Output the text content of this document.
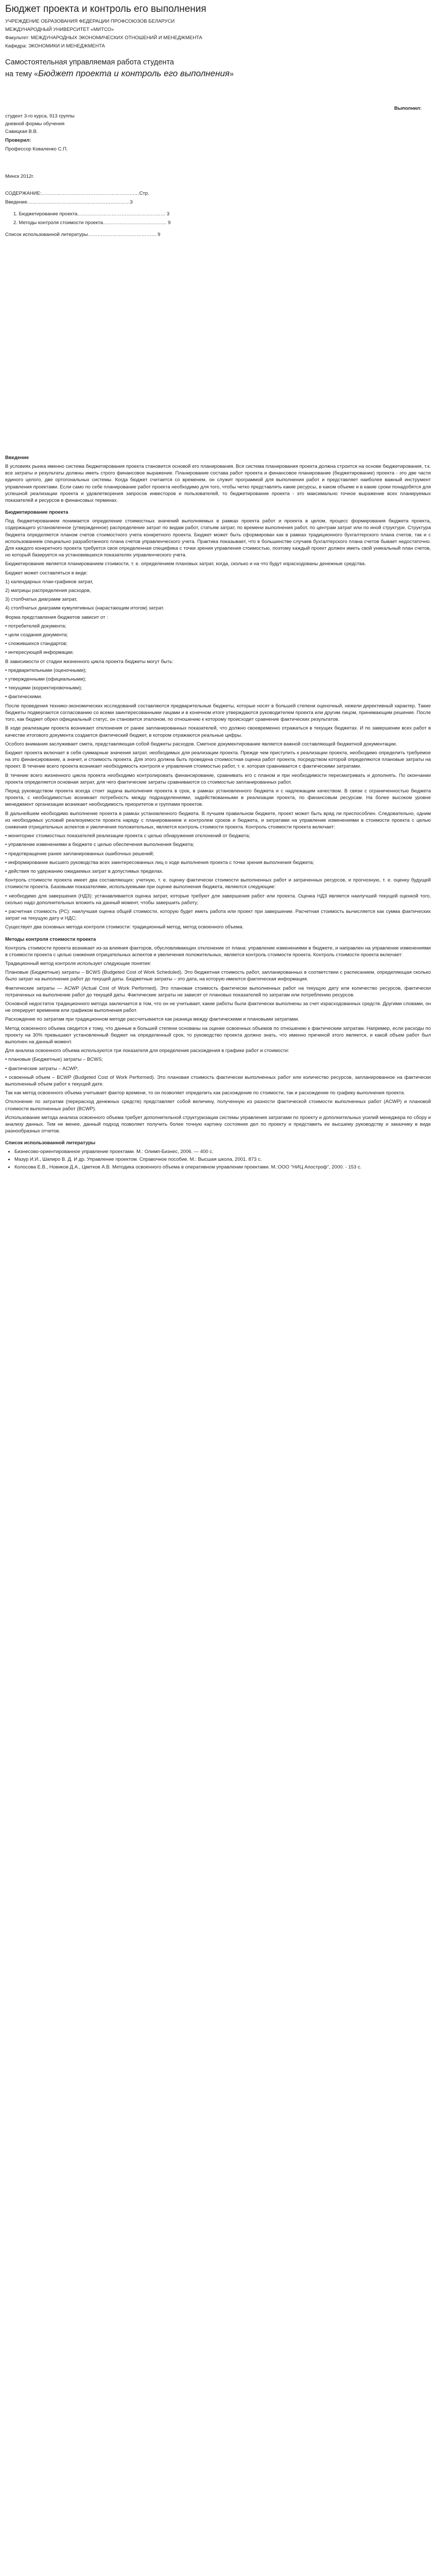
Бюджет проекта и контроль его выполнения

УЧРЕЖДЕНИЕ ОБРАЗОВАНИЯ ФЕДЕРАЦИИ ПРОФСОЮЗОВ БЕЛАРУСИ

МЕЖДУНАРОДНЫЙ УНИВЕРСИТЕТ «МИТСО»

Факультет: МЕЖДУНАРОДНЫХ ЭКОНОМИЧЕСКИХ ОТНОШЕНИЙ И МЕНЕДЖМЕНТА

Кафедра: ЭКОНОМИКИ И МЕНЕДЖМЕНТА

Самостоятельная управляемая работа студента

на тему «Бюджет проекта и контроль его выполнения»

Выполнил:

студент 3-го курса, 913 группы

дневной формы обучения

Савицкая В.В.

Проверил:

Профессор Коваленко С.П.

Минск 2012г.

СОДЕРЖАНИЕ:……………………………………………………Стр.

Введение………………………………………………………3

1. Бюджетирование проекта……………………………………………… 3

2. Методы контроля стоимости проекта………………………………… 9

Список использованной литературы…………………………………… 9

Введение

В условиях рынка именно система бюджетирования проекта становится основой его планирования. Вся система планирования проекта должна строится на основе бюджетирования, т.к. все затраты и результаты должны иметь строго финансовое выражение. Планирование состава работ проекта и финансовое планирование (бюджетирование) проекта - это две части единого целого, две ортогональных системы. Когда бюджет считается со временем, он служит программой для выполнения работ и представляет наиболее важный инструмент управления проектами. Если само по себе планирование работ проекта необходимо для того, чтобы четко представлять какие ресурсы, в каком объеме и в какие сроки понадобятся для успешной реализации проекта и удовлетворения запросов инвесторов и пользователей, то бюджетирование проекта - это максимально точное выражение всех планируемых показателей и ресурсов в финансовых терминах.

Бюджетирование проекта

Под бюджетированием понимается определение стоимостных значений выполняемых в рамках проекта работ и проекта в целом, процесс формирования бюджета проекта, содержащего установленное (утвержденное) распределение затрат по видам работ, статьям затрат, по времени выполнения работ, по центрам затрат или по иной структуре. Структура бюджета определяется планом счетов стоимостного учета конкретного проекта. Бюджет может быть сформирован как в рамках традиционного бухгалтерского плана счетов, так и с использованием специально разработанного плана счетов управленческого учета. Практика показывает, что в большинстве случаев бухгалтерского плана счетов бывает недостаточно. Для каждого конкретного проекта требуется своя определенная специфика с точки зрения управления стоимостью, поэтому каждый проект должен иметь свой уникальный план счетов, но который базируется на установившихся показателях управленческого учета.

Бюджетирование является планированием стоимости, т. е. определением плановых затрат, когда, сколько и на что будут израсходованы денежные средства.

Бюджет может составляться в виде:

1) календарных план-графиков затрат,

2) матрицы распределения расходов,

3) столбчатых диаграмм затрат,

4) столбчатых диаграмм кумулятивных (нарастающим итогом) затрат.

Форма представления бюджетов зависит от :

• потребителей документа;

• цели создания документа;

• сложившихся стандартов;

• интересующей информации.

В зависимости от стадии жизненного цикла проекта бюджеты могут быть:

• предварительными (оценочными);

• утвержденными (официальными);

• текущими (корректировочными);

• фактическими.

После проведения технико-экономических исследований составляются предварительные бюджеты, которые носят в большей степени оценочный, нежели директивный характер. Такие бюджеты подвергаются согласованию со всеми заинтересованными лицами и в конечном итоге утверждаются руководителем проекта или другим лицом, принимающим решение. После того, как бюджет обрел официальный статус, он становится эталоном, по отношению к которому происходит сравнение фактических результатов.

В ходе реализации проекта возникают отклонения от ранее запланированных показателей, что должно своевременно отражаться в текущих бюджетах. И по завершении всех работ в качестве итогового документа создается фактический бюджет, в котором отражаются реальные цифры.

Особого внимания заслуживает смета, представляющая собой бюджеты расходов. Сметное документирование является важной составляющей бюджетной документации.

Бюджет проекта включает в себя суммарные значения затрат, необходимых для реализации проекта. Прежде чем приступить к реализации проекта, необходимо определить требуемое на это финансирование, а значит, и стоимость проекта. Для этого должна быть проведена стоимостная оценка работ проекта, посредством которой определяются плановые затраты на проект. В течение всего проекта возникает необходимость контроля и управления стоимостью работ, т. е. которая сравнивается с фактическими затратами.

В течение всего жизненного цикла проекта необходимо контролировать финансирование, сравнивать его с планом и при необходимости пересматривать и дополнять. По окончании проекта определяется основная затрат, для чего фактические затраты сравниваются со стоимостью запланированных работ.

Перед руководством проекта всегда стоит задача выполнения проекта в срок, в рамках установленного бюджета и с надлежащим качеством. В связи с ограниченностью бюджета проекта, с необходимостью возникает потребность между подразделениями, задействованными в реализации проекта, по финансовым ресурсам. На более высоком уровне менеджмент организации возникает необходимость приоритетов и группами проектов.

В дальнейшем необходимо выполнение проекта в рамках установленного бюджета. В лучшем правильном бюджете, проект может быть вряд ли приспособлен. Следовательно, одним из необходимых условий реализуемости проекта наряду с планированием и контролем сроков и бюджета, и затратами на управление изменениями в стоимости проекта с целью снижения отрицательных аспектов и увеличения положительных, является контроль стоимости проекта. Контроль стоимости проекта включает:

• мониторинг стоимостных показателей реализации проекта с целью обнаружения отклонений от бюджета;

• управление изменениями в бюджете с целью обеспечения выполнения бюджета;

• предотвращение ранее запланированных ошибочных решений;

• информирование высшего руководства всех заинтересованных лиц о ходе выполнения проекта с точки зрения выполнения бюджета;

• действия по удержанию ожидаемых затрат в допустимых пределах.

Контроль стоимости проекта имеет два составляющих: учетную, т. е. оценку фактически стоимости выполненных работ и затраченных ресурсов, и прогнозную, т. е. оценку будущей стоимости проекта. Базовыми показателями, используемыми при оценке выполнения бюджета, являются следующие:

• необходимо для завершения (НДЗ): устанавливается оценка затрат, которые требуют для завершения работ или проекта. Оценка НДЗ является наилучшей текущей оценкой того, сколько надо дополнительных вложить на данный момент, чтобы завершить работу;

• расчетная стоимость (РС): наилучшая оценка общей стоимости, которую будет иметь работа или проект при завершении. Расчетная стоимость вычисляется как сумма фактических затрат на текущую дату и НДС;

Существует два основных метода контроля стоимости: традиционный метод, метод освоенного объема.

Методы контроля стоимости проекта

Контроль стоимости проекта возникает из-за влияния факторов, обусловливающих отклонение от плана: управление изменениями в бюджете, и направлен на управление изменениями в стоимости проекта с целью снижения отрицательных аспектов и увеличения положительных, является контроль стоимости проекта. Контроль стоимости проекта включает:

Традиционный метод контроля использует следующие понятия:

Плановые (Бюджетные) затраты – BCWS (Budgeted Cost of Work Scheduled). Это бюджетная стоимость работ, запланированных в соответствии с расписанием, определяющая сколько было затрат на выполнение работ до текущей даты. Бюджетные затраты – это дата, на которую имеются фактическая информация.

Фактические затраты — ACWP (Actual Cost of Work Performed). Это плановая стоимость фактически выполненных работ на текущую дату или количество ресурсов, фактически потраченных на выполнение работ до текущей даты. Фактические затраты не зависят от плановых показателей по затратам или потреблению ресурсов.

Основной недостаток традиционного метода заключается в том, что он не учитывает, какие работы были фактически выполнены за счет израсходованных средств. Другими словами, он не оперирует временем или графиком выполнения работ.

Расхождение по затратам при традиционном методе рассчитывается как разница между фактическими и плановыми затратами.

Метод освоенного объема сводится к тому, что данные в большей степени основаны на оценке освоенных объемов по отношению к фактическим затратам. Например, если расходы по проекту на 30% превышают установленный бюджет на определенный срок, то руководство проекта должно знать, что именно причиной этого является, и какой объем работ был выполнен на данный момент.

Для анализа освоенного объема используются три показателя для определения расхождения в графике работ и стоимости:

• плановые (Бюджетные) затраты – BCWS;

• фактические затраты – ACWP;

• освоенный объем – BCWP (Budgeted Cost of Work Performed). Это плановая стоимость фактически выполненных работ или количество ресурсов, запланированное на фактически выполненный объем работ к текущей дате.

Так как метод освоенного объема учитывает фактор времени, то он позволяет определить как расхождение по стоимости, так и расхождение по графику выполнения проекта.

Отклонение по затратам (перерасход денежных средств) представляет собой величину, полученную из разности фактической стоимости выполненных работ (ACWP) и плановой стоимости выполненных работ (BCWP).

Использование метода анализа освоенного объема требует дополнительной структуризации системы управления затратами по проекту и дополнительных усилий менеджера по сбору и анализу данных. Тем не менее, данный подход позволяет получить более точную картину состояния дел по проекту и представить ее высшему руководству и заказчику в виде разнообразных отчетов.

Список использованной литературы

• Бизнесово-ориентированное управление проектами. М.: Олимп-Бизнес, 2006. — 400 с.
• Мазур И.И., Шапиро В. Д. И др. Управление проектом. Справочное пособие. М.: Высшая школа, 2001. 873 с.
• Колосова Е.В., Новиков Д.А., Цветков А.В. Методика освоенного объема в оперативном управлении проектами. М.:ООО "НИЦ Апостроф", 2000. - 153 с.
